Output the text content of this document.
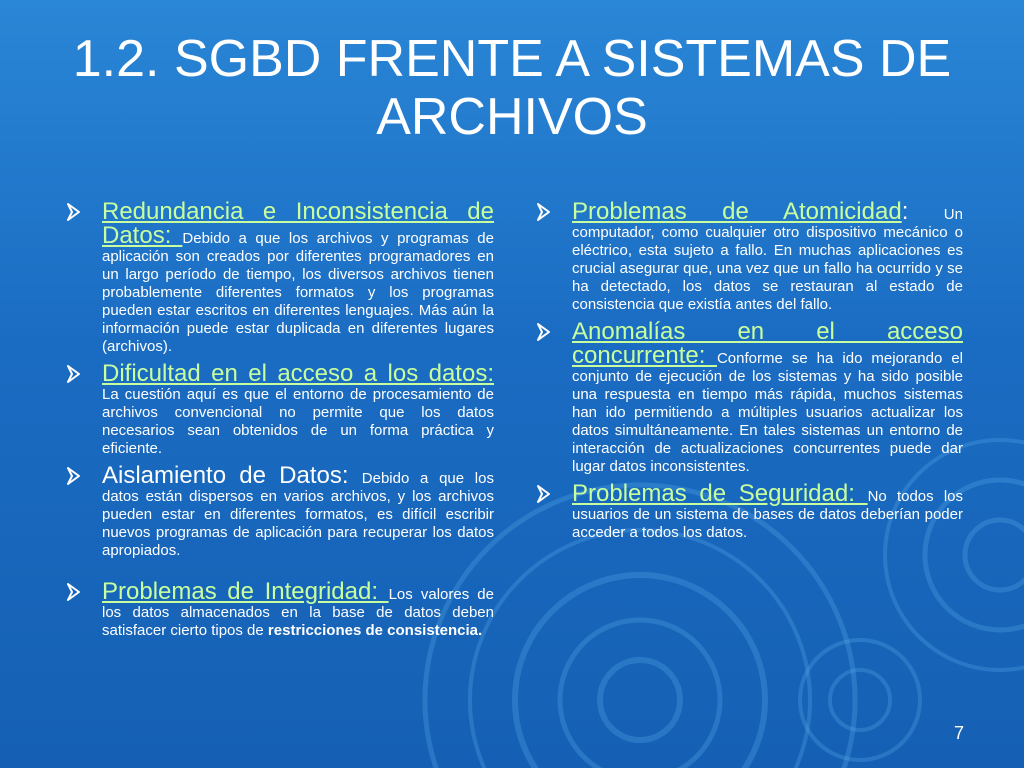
1.2. SGBD FRENTE A SISTEMAS DE ARCHIVOS
Redundancia e Inconsistencia de Datos: Debido a que los archivos y programas de aplicación son creados por diferentes programadores en un largo período de tiempo, los diversos archivos tienen probablemente diferentes formatos y los programas pueden estar escritos en diferentes lenguajes. Más aún la información puede estar duplicada en diferentes lugares (archivos).
Dificultad en el acceso a los datos: La cuestión aquí es que el entorno de procesamiento de archivos convencional no permite que los datos necesarios sean obtenidos de un forma práctica y eficiente.
Aislamiento de Datos: Debido a que los datos están dispersos en varios archivos, y los archivos pueden estar en diferentes formatos, es difícil escribir nuevos programas de aplicación para recuperar los datos apropiados.
Problemas de Integridad: Los valores de los datos almacenados en la base de datos deben satisfacer cierto tipos de restricciones de consistencia.
Problemas de Atomicidad: Un computador, como cualquier otro dispositivo mecánico o eléctrico, esta sujeto a fallo. En muchas aplicaciones es crucial asegurar que, una vez que un fallo ha ocurrido y se ha detectado, los datos se restauran al estado de consistencia que existía antes del fallo.
Anomalías en el acceso concurrente: Conforme se ha ido mejorando el conjunto de ejecución de los sistemas y ha sido posible una respuesta en tiempo más rápida, muchos sistemas han ido permitiendo a múltiples usuarios actualizar los datos simultáneamente. En tales sistemas un entorno de interacción de actualizaciones concurrentes puede dar lugar datos inconsistentes.
Problemas de Seguridad: No todos los usuarios de un sistema de bases de datos deberían poder acceder a todos los datos.
7
